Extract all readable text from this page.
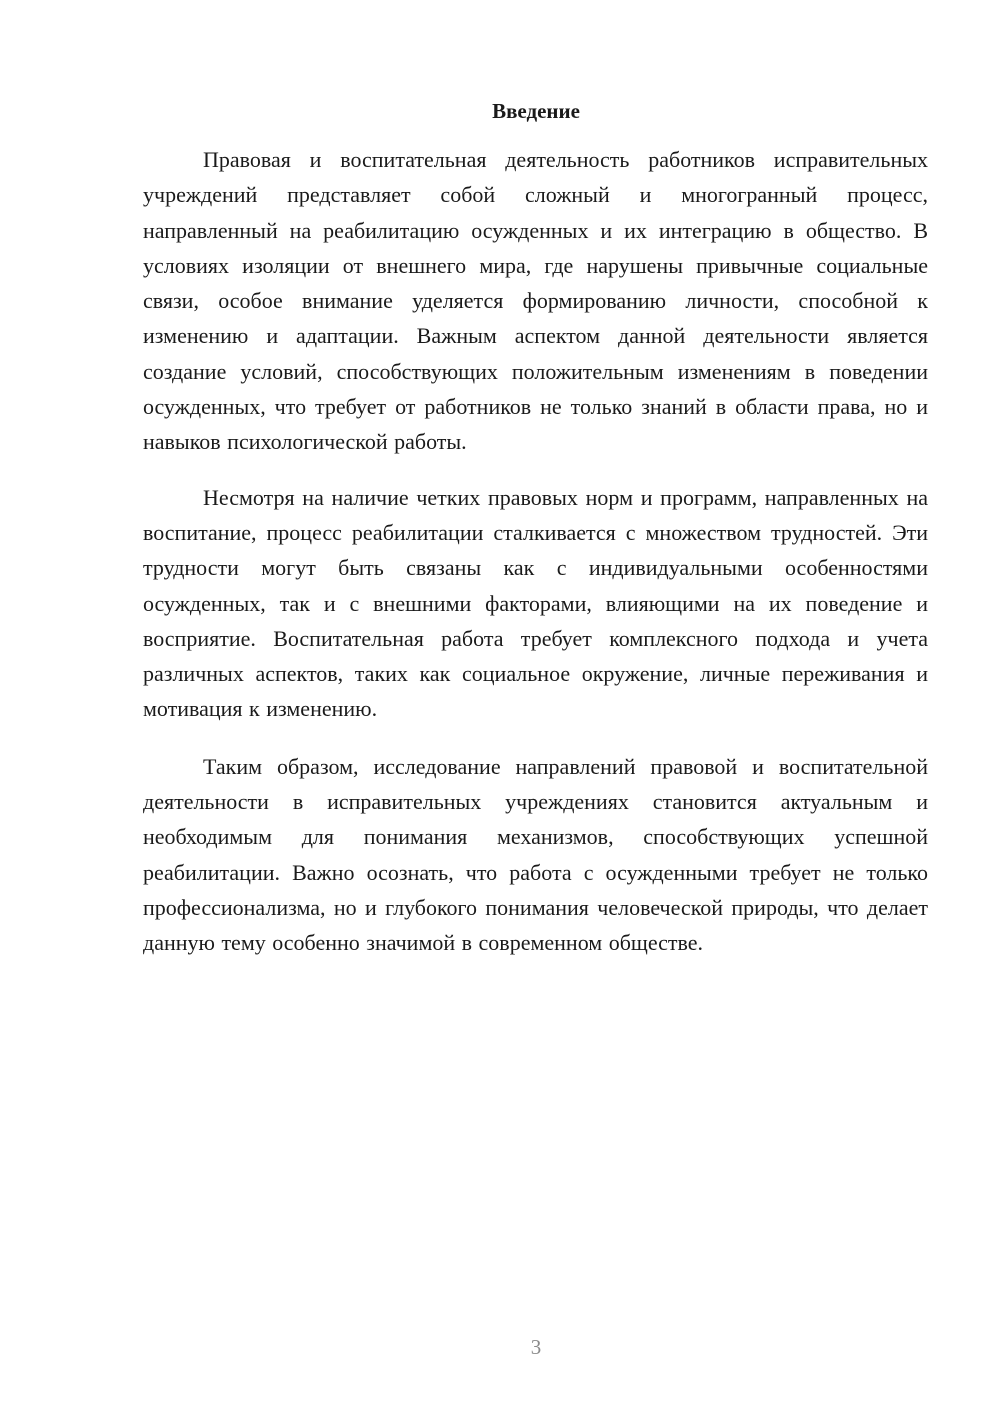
Введение

Правовая и воспитательная деятельность работников исправительных учреждений представляет собой сложный и многогранный процесс, направленный на реабилитацию осужденных и их интеграцию в общество. В условиях изоляции от внешнего мира, где нарушены привычные социальные связи, особое внимание уделяется формированию личности, способной к изменению и адаптации. Важным аспектом данной деятельности является создание условий, способствующих положительным изменениям в поведении осужденных, что требует от работников не только знаний в области права, но и навыков психологической работы.

Несмотря на наличие четких правовых норм и программ, направленных на воспитание, процесс реабилитации сталкивается с множеством трудностей. Эти трудности могут быть связаны как с индивидуальными особенностями осужденных, так и с внешними факторами, влияющими на их поведение и восприятие. Воспитательная работа требует комплексного подхода и учета различных аспектов, таких как социальное окружение, личные переживания и мотивация к изменению.

Таким образом, исследование направлений правовой и воспитательной деятельности в исправительных учреждениях становится актуальным и необходимым для понимания механизмов, способствующих успешной реабилитации. Важно осознать, что работа с осужденными требует не только профессионализма, но и глубокого понимания человеческой природы, что делает данную тему особенно значимой в современном обществе.

3
